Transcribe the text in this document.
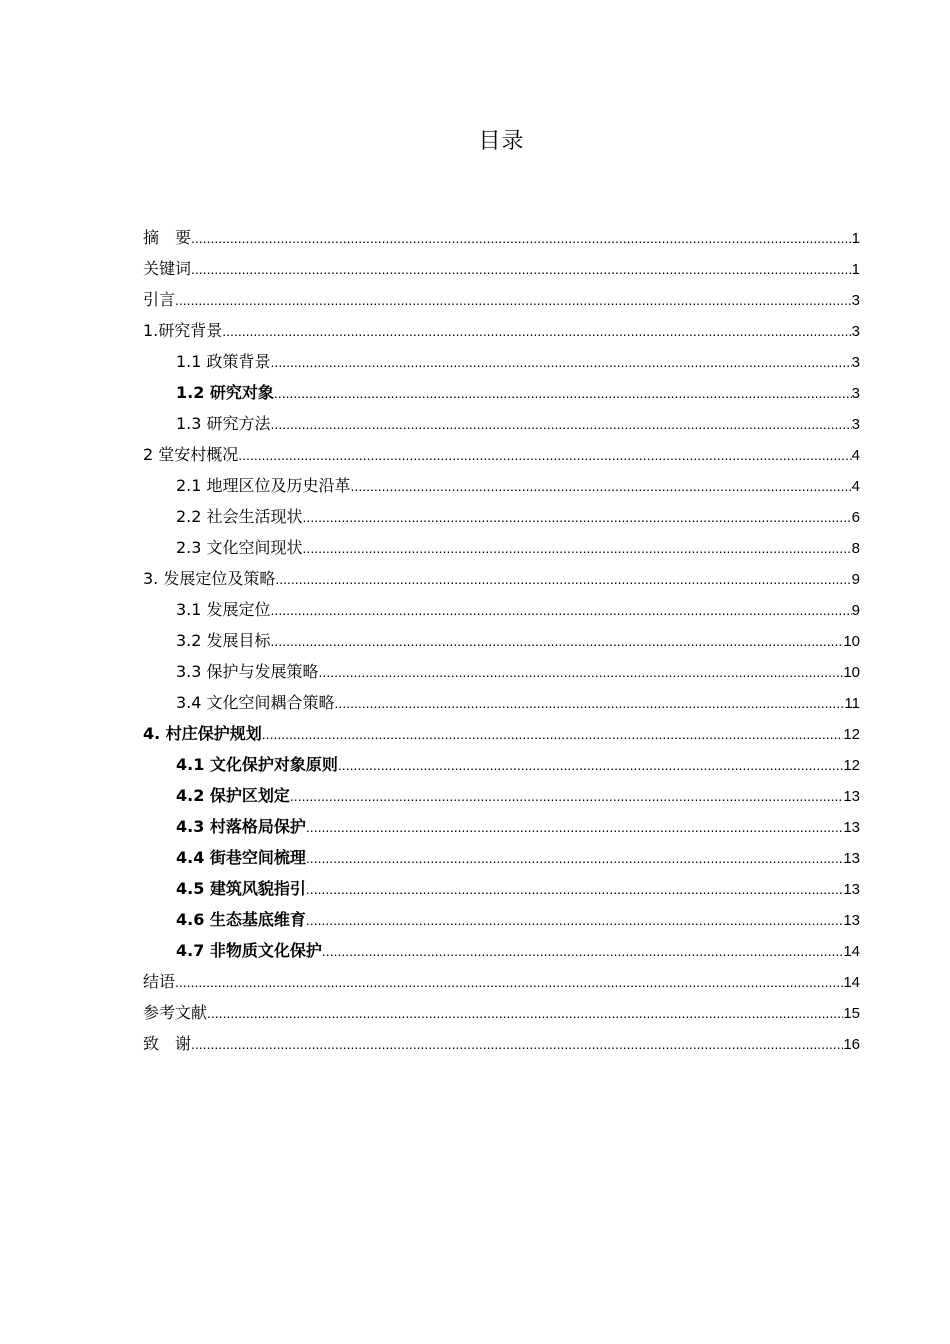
目录
摘　要 .....	1
关键词 .....	1
引言 .....	3
1.研究背景 .....	3
1.1 政策背景 .....	3
1.2 研究对象 .....	3
1.3 研究方法 .....	3
2 堂安村概况 .....	4
2.1 地理区位及历史沿革 .....	4
2.2 社会生活现状 .....	6
2.3 文化空间现状 .....	8
3. 发展定位及策略 .....	9
3.1 发展定位 .....	9
3.2 发展目标 .....	10
3.3 保护与发展策略 .....	10
3.4 文化空间耦合策略 .....	11
4. 村庄保护规划 .....	12
4.1 文化保护对象原则 .....	12
4.2 保护区划定 .....	13
4.3 村落格局保护 .....	13
4.4 街巷空间梳理 .....	13
4.5 建筑风貌指引 .....	13
4.6 生态基底维育 .....	13
4.7 非物质文化保护 .....	14
结语 .....	14
参考文献 .....	15
致　谢 .....	16
